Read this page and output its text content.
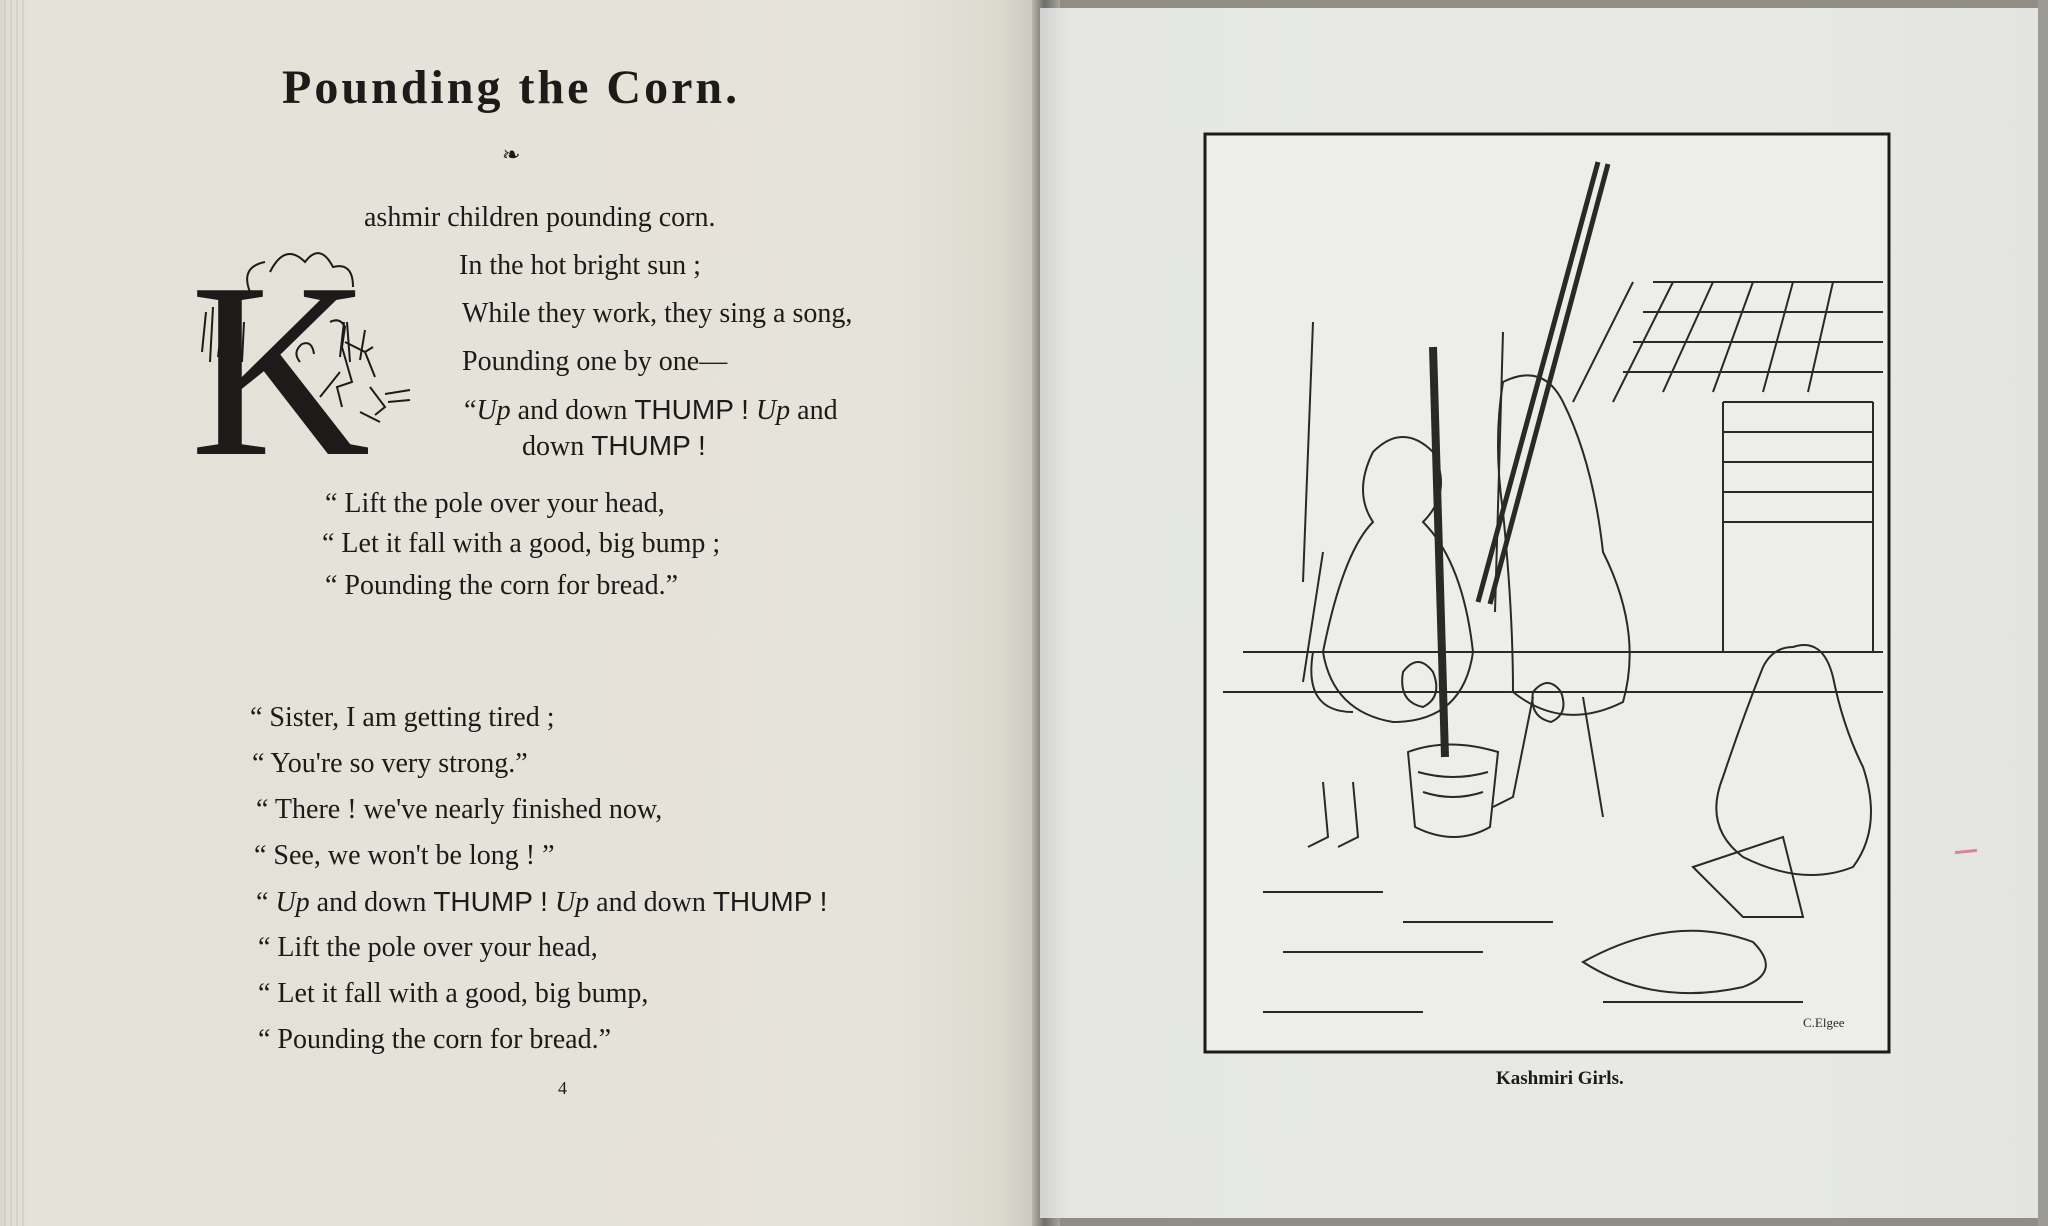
Pounding the Corn.
❧
K
ashmir children pounding corn.
In the hot bright sun ;
While they work, they sing a song,
Pounding one by one—
“Up and down THUMP ! Up and
down THUMP !
“ Lift the pole over your head,
“ Let it fall with a good, big bump ;
“ Pounding the corn for bread.”
“ Sister, I am getting tired ;
“ You're so very strong.”
“ There ! we've nearly finished now,
“ See, we won't be long ! ”
“ Up and down THUMP ! Up and down THUMP !
“ Lift the pole over your head,
“ Let it fall with a good, big bump,
“ Pounding the corn for bread.”
4
C.Elgee
Kashmiri Girls.
